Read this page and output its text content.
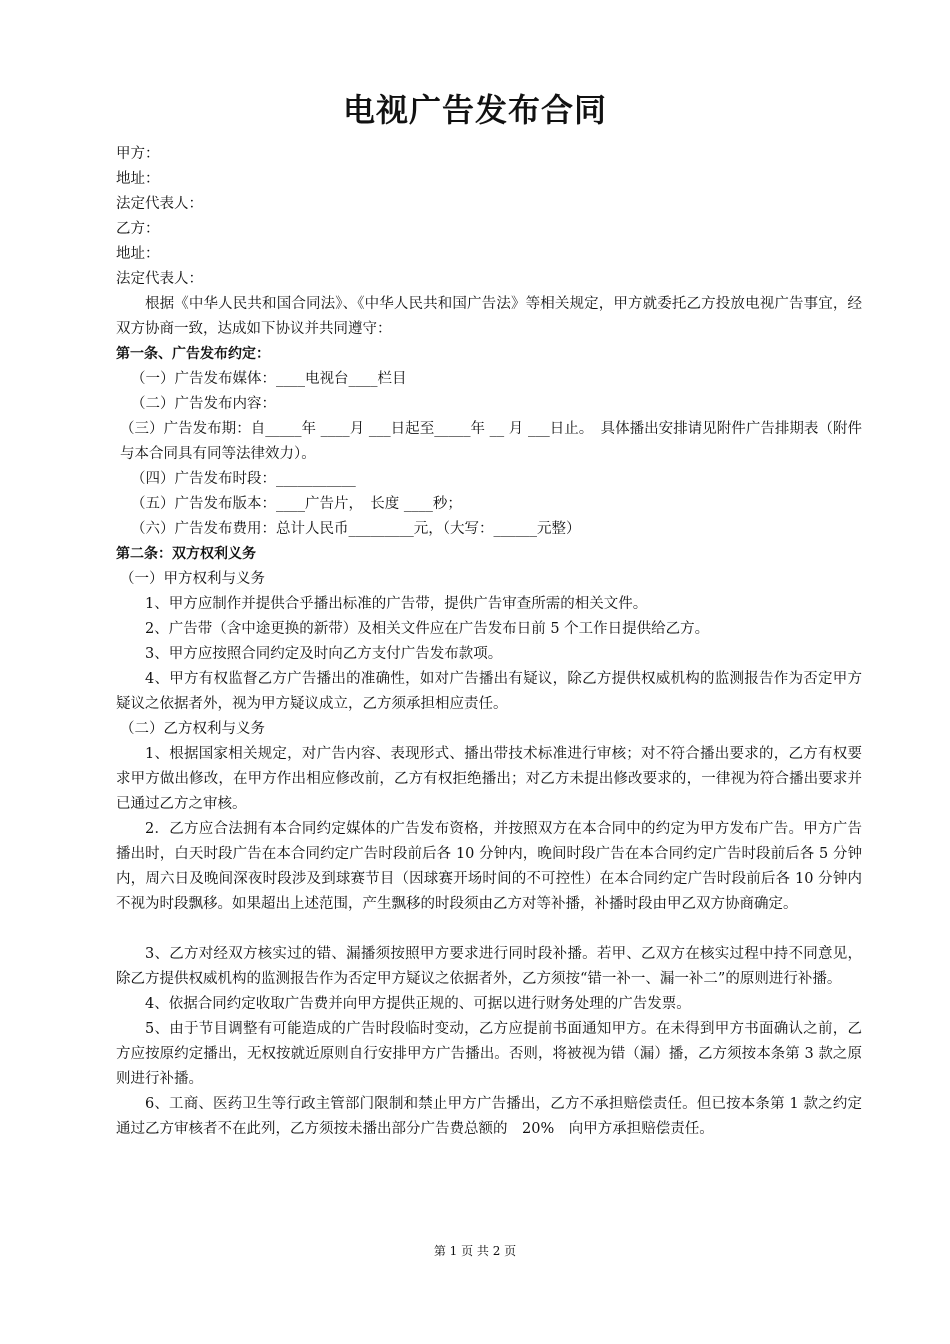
电视广告发布合同
甲方：
地址：
法定代表人：
乙方：
地址：
法定代表人：
根据《中华人民共和国合同法》、《中华人民共和国广告法》等相关规定，甲方就委托乙方投放电视广告事宜，经双方协商一致，达成如下协议并共同遵守：
第一条、广告发布约定：
（一）广告发布媒体：____电视台____栏目
（二）广告发布内容：
（三）广告发布期：自_____年 ____月 ___日起至_____年 __ 月 ___日止。　具体播出安排请见附件广告排期表（附件与本合同具有同等法律效力）。
（四）广告发布时段：___________
（五）广告发布版本：____广告片，　长度 ____秒；
（六）广告发布费用：总计人民币_________元，（大写：______元整）
第二条：双方权利义务
（一）甲方权利与义务
1、甲方应制作并提供合乎播出标准的广告带，提供广告审查所需的相关文件。
2、广告带（含中途更换的新带）及相关文件应在广告发布日前 5 个工作日提供给乙方。
3、甲方应按照合同约定及时向乙方支付广告发布款项。
4、甲方有权监督乙方广告播出的准确性，如对广告播出有疑议，除乙方提供权威机构的监测报告作为否定甲方疑议之依据者外，视为甲方疑议成立，乙方须承担相应责任。
（二）乙方权利与义务
1、根据国家相关规定，对广告内容、表现形式、播出带技术标准进行审核；对不符合播出要求的，乙方有权要求甲方做出修改，在甲方作出相应修改前，乙方有权拒绝播出；对乙方未提出修改要求的，一律视为符合播出要求并已通过乙方之审核。
2．乙方应合法拥有本合同约定媒体的广告发布资格，并按照双方在本合同中的约定为甲方发布广告。甲方广告播出时，白天时段广告在本合同约定广告时段前后各 10 分钟内，晚间时段广告在本合同约定广告时段前后各 5 分钟内，周六日及晚间深夜时段涉及到球赛节目（因球赛开场时间的不可控性）在本合同约定广告时段前后各 10 分钟内不视为时段飘移。如果超出上述范围，产生飘移的时段须由乙方对等补播，补播时段由甲乙双方协商确定。
3、乙方对经双方核实过的错、漏播须按照甲方要求进行同时段补播。若甲、乙双方在核实过程中持不同意见，除乙方提供权威机构的监测报告作为否定甲方疑议之依据者外，乙方须按“错一补一、漏一补二”的原则进行补播。
4、依据合同约定收取广告费并向甲方提供正规的、可据以进行财务处理的广告发票。
5、由于节目调整有可能造成的广告时段临时变动，乙方应提前书面通知甲方。在未得到甲方书面确认之前，乙方应按原约定播出，无权按就近原则自行安排甲方广告播出。否则，将被视为错（漏）播，乙方须按本条第 3 款之原则进行补播。
6、工商、医药卫生等行政主管部门限制和禁止甲方广告播出，乙方不承担赔偿责任。但已按本条第 1 款之约定通过乙方审核者不在此列，乙方须按未播出部分广告费总额的　20%　向甲方承担赔偿责任。
第 1 页 共 2 页
